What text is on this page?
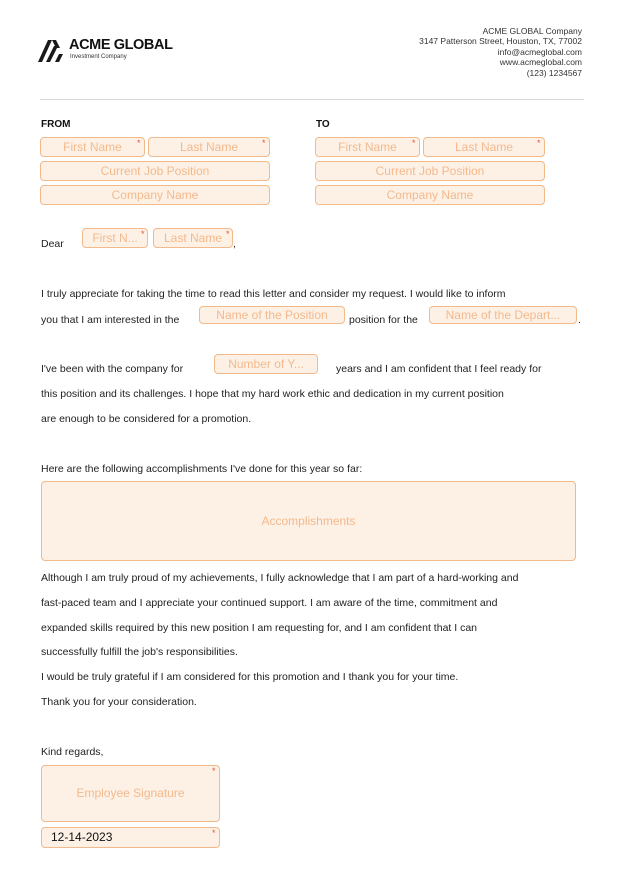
ACME GLOBAL
Investment Company
ACME GLOBAL Company
3147 Patterson Street, Houston, TX, 77002
info@acmeglobal.com
www.acmeglobal.com
(123) 1234567
FROM
First Name	*	Last Name	*
Current Job Position
Company Name
TO
First Name	*	Last Name	*
Current Job Position
Company Name
Dear	First N... *	Last Name *
,
I truly appreciate for taking the time to read this letter and consider my request. I would like to inform
you that I am interested in the	Name of the Position	position for the	Name of the Depart...	.
I've been with the company for	Number of Y...	years and I am confident that I feel ready for
this position and its challenges. I hope that my hard work ethic and dedication in my current position
are enough to be considered for a promotion.
Here are the following accomplishments I've done for this year so far:
Accomplishments
Although I am truly proud of my achievements, I fully acknowledge that I am part of a hard-working and
fast-paced team and I appreciate your continued support. I am aware of the time, commitment and
expanded skills required by this new position I am requesting for, and I am confident that I can
successfully fulfill the job's responsibilities.
I would be truly grateful if I am considered for this promotion and I thank you for your time.
Thank you for your consideration.
Kind regards,
Employee Signature
*
12-14-2023	*
